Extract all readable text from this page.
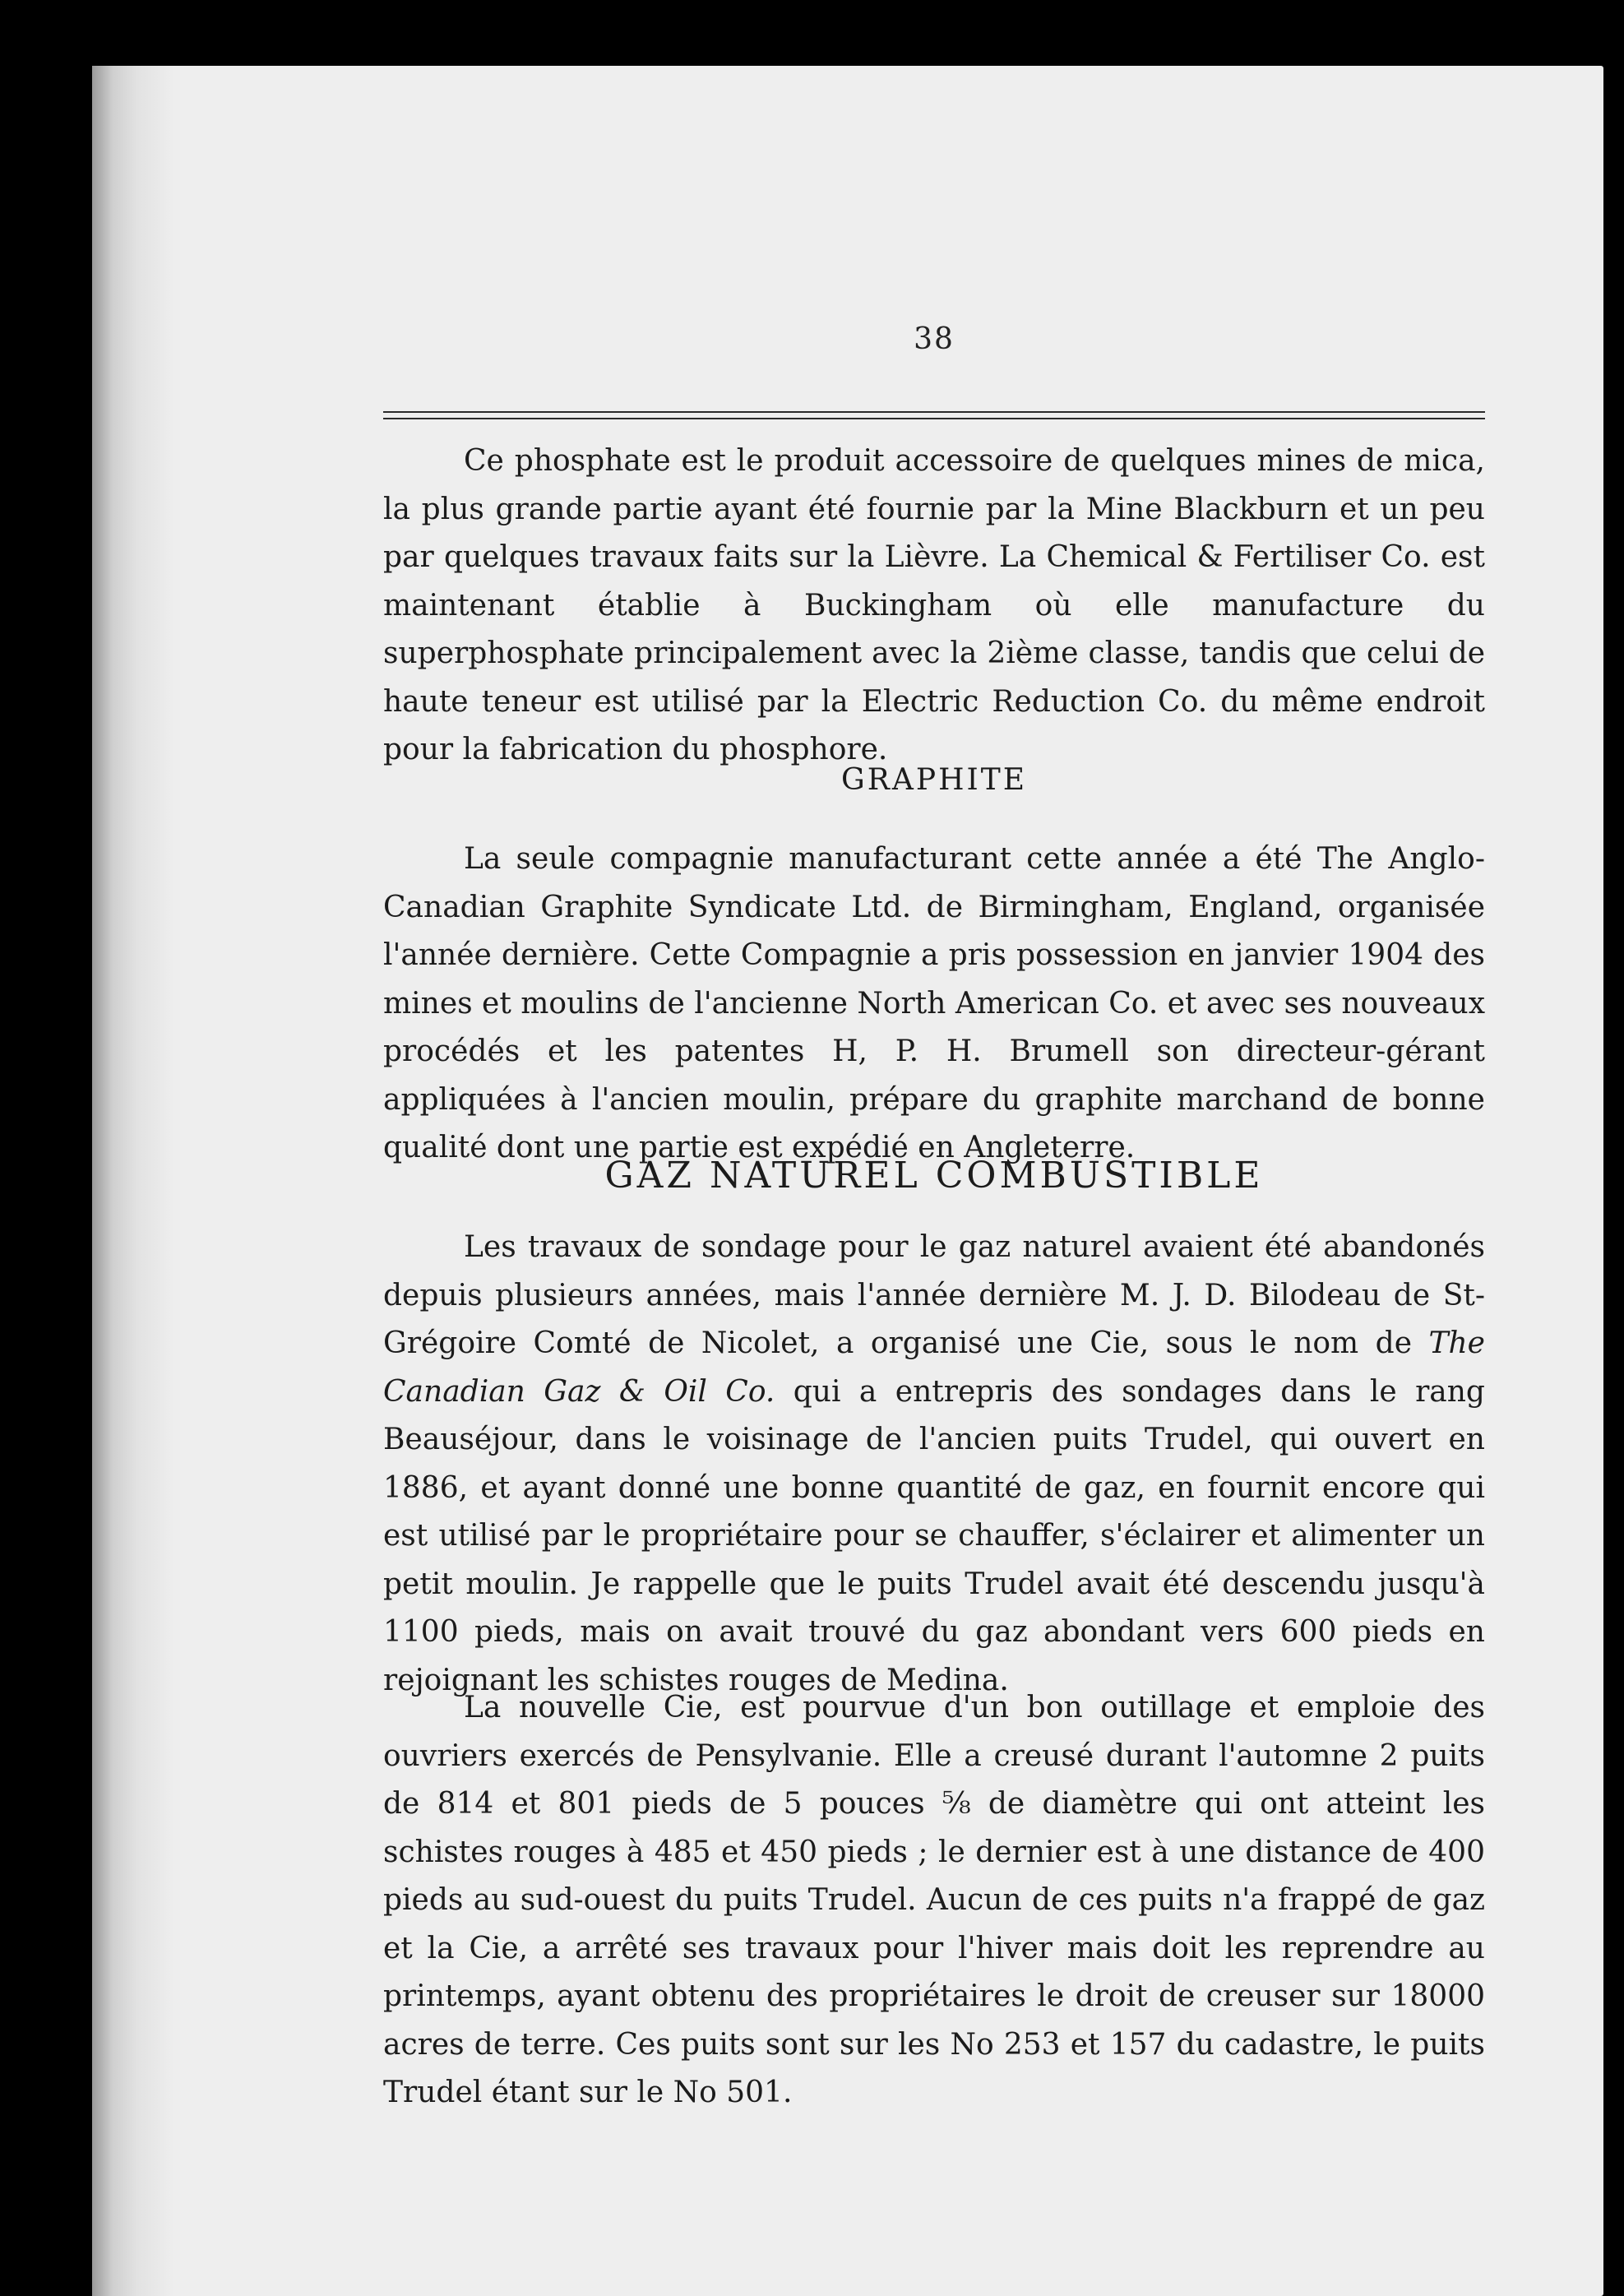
38

Ce phosphate est le produit accessoire de quelques mines de mica, la plus grande partie ayant été fournie par la Mine Blackburn et un peu par quelques travaux faits sur la Lièvre. La Chemical & Fertiliser Co. est maintenant établie à Buckingham où elle manufacture du superphosphate principalement avec la 2ième classe, tandis que celui de haute teneur est utilisé par la Electric Reduction Co. du même endroit pour la fabrication du phosphore.

GRAPHITE

La seule compagnie manufacturant cette année a été The Anglo-Canadian Graphite Syndicate Ltd. de Birmingham, England, organisée l'année dernière. Cette Compagnie a pris possession en janvier 1904 des mines et moulins de l'ancienne North American Co. et avec ses nouveaux procédés et les patentes H, P. H. Brumell son directeur-gérant appliquées à l'ancien moulin, prépare du graphite marchand de bonne qualité dont une partie est expédié en Angleterre.

GAZ NATUREL COMBUSTIBLE

Les travaux de sondage pour le gaz naturel avaient été abandonés depuis plusieurs années, mais l'année dernière M. J. D. Bilodeau de St-Grégoire Comté de Nicolet, a organisé une Cie, sous le nom de The Canadian Gaz & Oil Co. qui a entrepris des sondages dans le rang Beauséjour, dans le voisinage de l'ancien puits Trudel, qui ouvert en 1886, et ayant donné une bonne quantité de gaz, en fournit encore qui est utilisé par le propriétaire pour se chauffer, s'éclairer et alimenter un petit moulin. Je rappelle que le puits Trudel avait été descendu jusqu'à 1100 pieds, mais on avait trouvé du gaz abondant vers 600 pieds en rejoignant les schistes rouges de Medina.

La nouvelle Cie, est pourvue d'un bon outillage et emploie des ouvriers exercés de Pensylvanie. Elle a creusé durant l'automne 2 puits de 814 et 801 pieds de 5 pouces ⅝ de diamètre qui ont atteint les schistes rouges à 485 et 450 pieds ; le dernier est à une distance de 400 pieds au sud-ouest du puits Trudel. Aucun de ces puits n'a frappé de gaz et la Cie, a arrêté ses travaux pour l'hiver mais doit les reprendre au printemps, ayant obtenu des propriétaires le droit de creuser sur 18000 acres de terre. Ces puits sont sur les No 253 et 157 du cadastre, le puits Trudel étant sur le No 501.
